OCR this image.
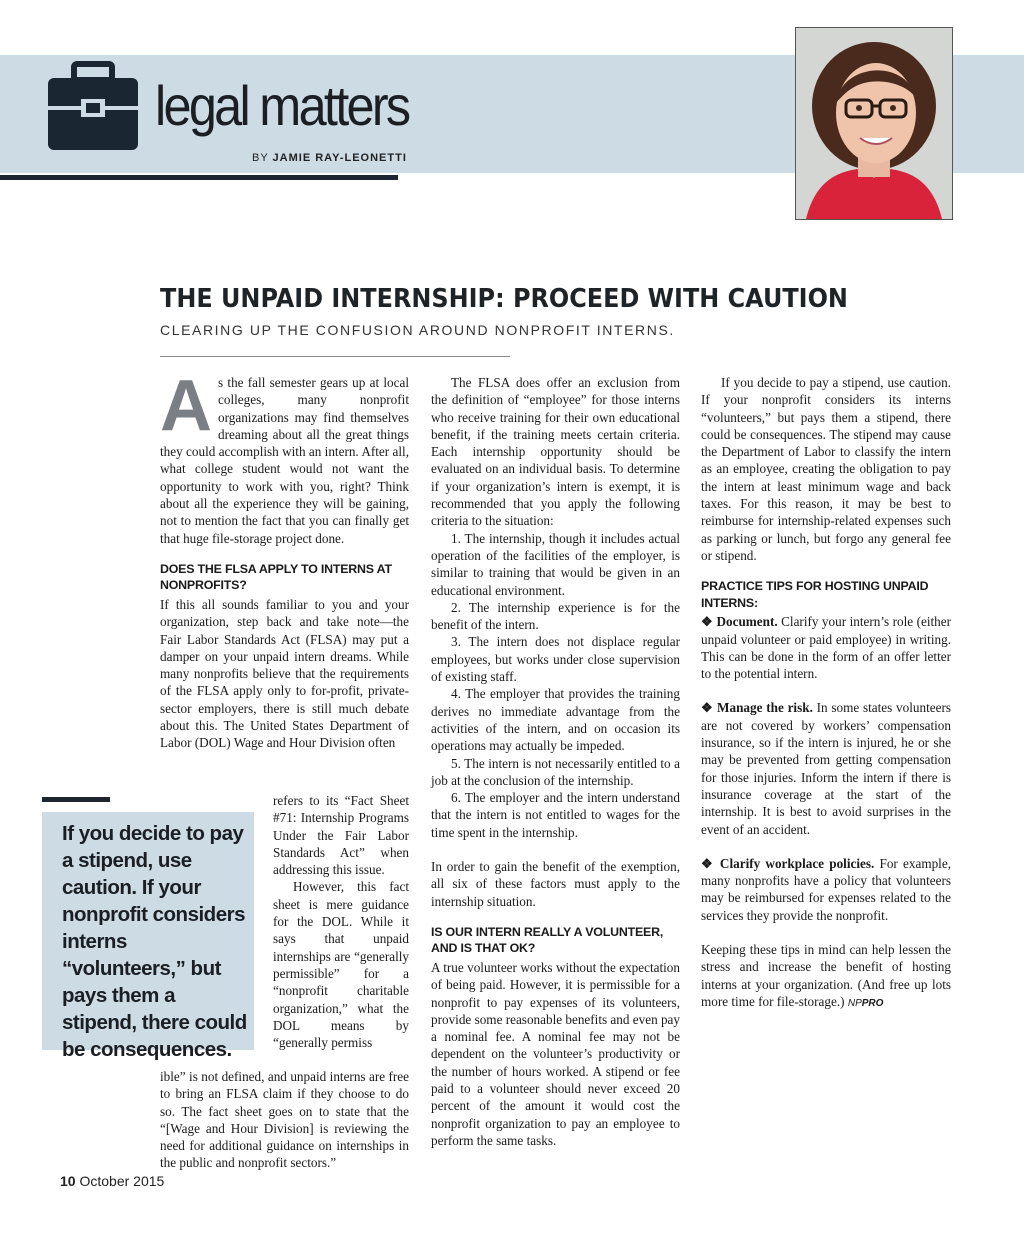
legal matters
BY JAMIE RAY-LEONETTI
THE UNPAID INTERNSHIP: PROCEED WITH CAUTION
CLEARING UP THE CONFUSION AROUND NONPROFIT INTERNS.

As the fall semester gears up at local colleges, many nonprofit organizations may find themselves dreaming about all the great things they could accomplish with an intern. After all, what college student would not want the opportunity to work with you, right? Think about all the experience they will be gaining, not to mention the fact that you can finally get that huge file-storage project done.

DOES THE FLSA APPLY TO INTERNS AT NONPROFITS?

If this all sounds familiar to you and your organization, step back and take note—the Fair Labor Standards Act (FLSA) may put a damper on your unpaid intern dreams. While many nonprofits believe that the requirements of the FLSA apply only to for-profit, private-sector employers, there is still much debate about this. The United States Department of Labor (DOL) Wage and Hour Division often

ible” is not defined, and unpaid interns are free to bring an FLSA claim if they choose to do so. The fact sheet goes on to state that the “[Wage and Hour Division] is reviewing the need for additional guidance on internships in the public and nonprofit sectors.”

The FLSA does offer an exclusion from the definition of “employee” for those interns who receive training for their own educational benefit, if the training meets certain criteria. Each internship opportunity should be evaluated on an individual basis. To determine if your organization’s intern is exempt, it is recommended that you apply the following criteria to the situation:

1. The internship, though it includes actual operation of the facilities of the employer, is similar to training that would be given in an educational environment.

2. The internship experience is for the benefit of the intern.

3. The intern does not displace regular employees, but works under close supervision of existing staff.

4. The employer that provides the training derives no immediate advantage from the activities of the intern, and on occasion its operations may actually be impeded.

5. The intern is not necessarily entitled to a job at the conclusion of the internship.

6. The employer and the intern understand that the intern is not entitled to wages for the time spent in the internship.

In order to gain the benefit of the exemption, all six of these factors must apply to the internship situation.

IS OUR INTERN REALLY A VOLUNTEER, AND IS THAT OK?

A true volunteer works without the expectation of being paid. However, it is permissible for a nonprofit to pay expenses of its volunteers, provide some reasonable benefits and even pay a nominal fee. A nominal fee may not be dependent on the volunteer’s productivity or the number of hours worked. A stipend or fee paid to a volunteer should never exceed 20 percent of the amount it would cost the nonprofit organization to pay an employee to perform the same tasks.

If you decide to pay a stipend, use caution. If your nonprofit considers its interns “volunteers,” but pays them a stipend, there could be consequences. The stipend may cause the Department of Labor to classify the intern as an employee, creating the obligation to pay the intern at least minimum wage and back taxes. For this reason, it may be best to reimburse for internship-related expenses such as parking or lunch, but forgo any general fee or stipend.

PRACTICE TIPS FOR HOSTING UNPAID INTERNS:

❖ Document. Clarify your intern’s role (either unpaid volunteer or paid employee) in writing. This can be done in the form of an offer letter to the potential intern.

❖ Manage the risk. In some states volunteers are not covered by workers’ compensation insurance, so if the intern is injured, he or she may be prevented from getting compensation for those injuries. Inform the intern if there is insurance coverage at the start of the internship. It is best to avoid surprises in the event of an accident.

❖ Clarify workplace policies. For example, many nonprofits have a policy that volunteers may be reimbursed for expenses related to the services they provide the nonprofit.

Keeping these tips in mind can help lessen the stress and increase the benefit of hosting interns at your organization. (And free up lots more time for file-storage.) NPPRO

refers to its “Fact Sheet #71: Internship Programs Under the Fair Labor Standards Act” when addressing this issue.

However, this fact sheet is mere guidance for the DOL. While it says that unpaid internships are “generally permissible” for a “nonprofit charitable organization,” what the DOL means by “generally permiss

If you decide to pay a stipend, use caution. If your nonprofit considers interns “volunteers,” but pays them a stipend, there could be consequences.
10 October 2015
